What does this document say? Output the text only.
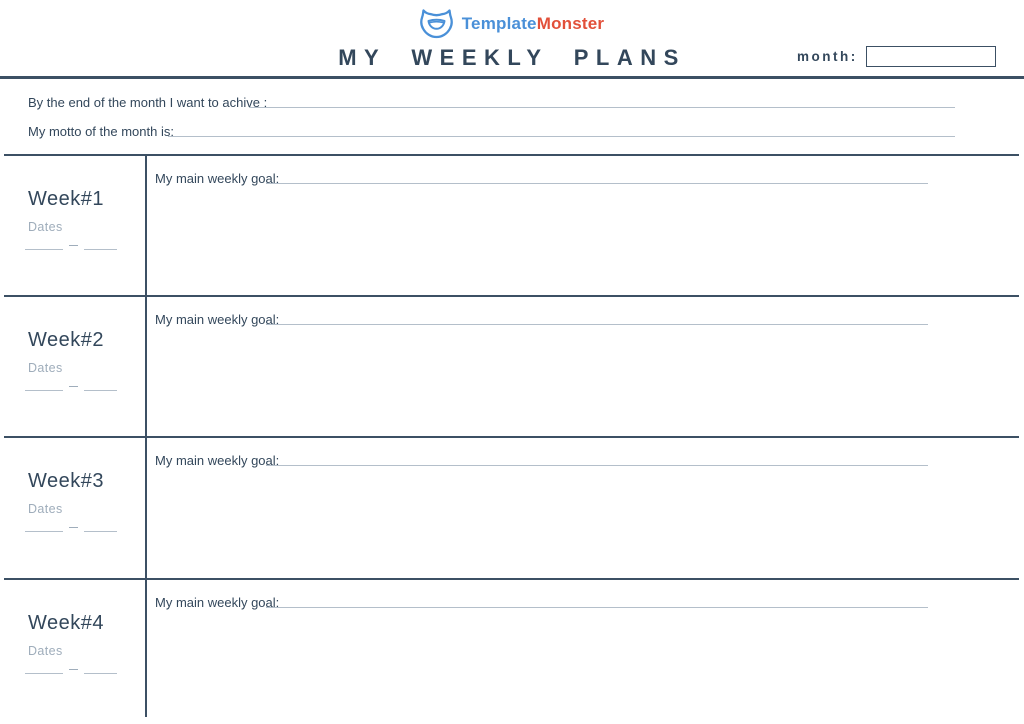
TemplateMonster
MY WEEKLY PLANS	month:
By the end of the month I want to achive :
My motto of the month is:
My main weekly goal:
Week#1
Dates
My main weekly goal:
Week#2
Dates
My main weekly goal:
Week#3
Dates
My main weekly goal:
Week#4
Dates
